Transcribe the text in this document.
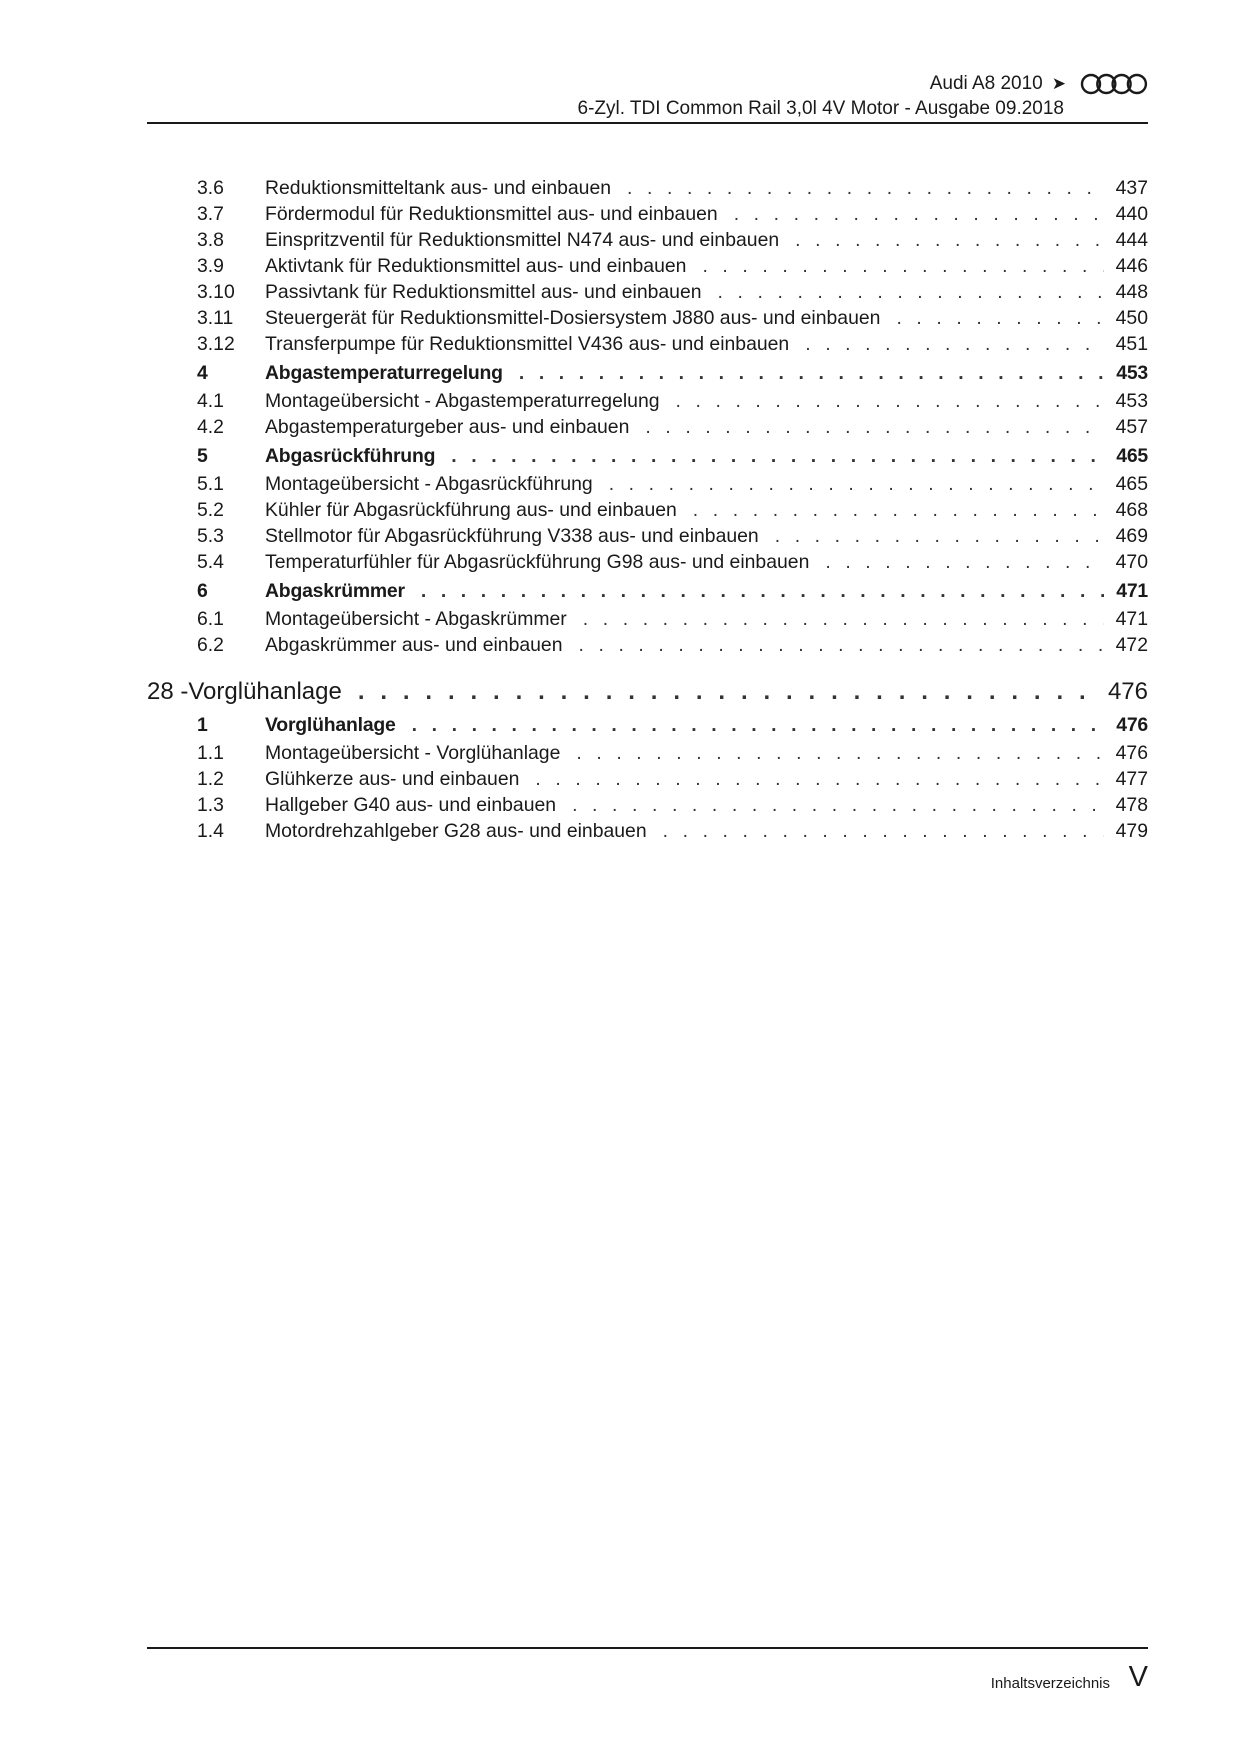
Audi A8 2010 ➤
6-Zyl. TDI Common Rail 3,0l 4V Motor - Ausgabe 09.2018
3.6	Reduktionsmitteltank aus- und einbauen . . .	437
3.7	Fördermodul für Reduktionsmittel aus- und einbauen . . .	440
3.8	Einspritzventil für Reduktionsmittel N474 aus- und einbauen . . .	444
3.9	Aktivtank für Reduktionsmittel aus- und einbauen . . .	446
3.10	Passivtank für Reduktionsmittel aus- und einbauen . . .	448
3.11	Steuergerät für Reduktionsmittel-Dosiersystem J880 aus- und einbauen . . .	450
3.12	Transferpumpe für Reduktionsmittel V436 aus- und einbauen . . .	451
4	Abgastemperaturregelung . . .	453
4.1	Montageübersicht - Abgastemperaturregelung . . .	453
4.2	Abgastemperaturgeber aus- und einbauen . . .	457
5	Abgasrückführung . . .	465
5.1	Montageübersicht - Abgasrückführung . . .	465
5.2	Kühler für Abgasrückführung aus- und einbauen . . .	468
5.3	Stellmotor für Abgasrückführung V338 aus- und einbauen . . .	469
5.4	Temperaturfühler für Abgasrückführung G98 aus- und einbauen . . .	470
6	Abgaskrümmer . . .	471
6.1	Montageübersicht - Abgaskrümmer . . .	471
6.2	Abgaskrümmer aus- und einbauen . . .	472
28 - Vorglühanlage . . .	476
1	Vorglühanlage . . .	476
1.1	Montageübersicht - Vorglühanlage . . .	476
1.2	Glühkerze aus- und einbauen . . .	477
1.3	Hallgeber G40 aus- und einbauen . . .	478
1.4	Motordrehzahlgeber G28 aus- und einbauen . . .	479
Inhaltsverzeichnis V
